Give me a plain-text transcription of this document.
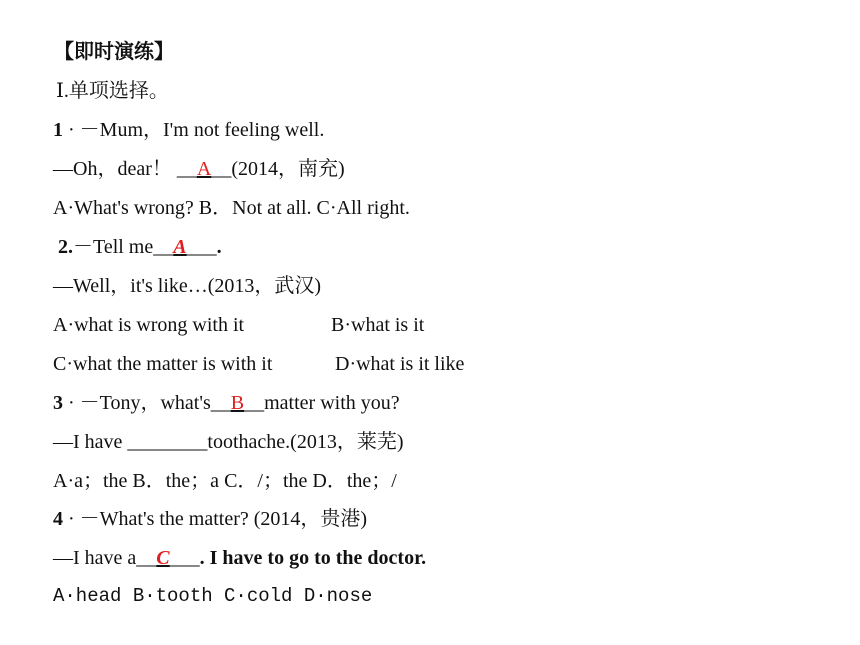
【即时演练】
Ⅰ.单项选择。
1 · －Mum，I'm not feeling well.
—Oh，dear！ __A__(2014，南充)
A·What's wrong? B．Not at all. C·All right.
2.－Tell me__A___.
—Well，it's like…(2013，武汉)
A·what is wrong with it	B·what is it
C·what the matter is with it	D·what is it like
3 · －Tony，what's__B__matter with you?
—I have ________toothache.(2013，莱芜)
A·a；the B．the；a C．/；the D．the；/
4 · －What's the matter? (2014，贵港)
—I have a__C___. I have to go to the doctor.
A·head B·tooth C·cold D·nose
